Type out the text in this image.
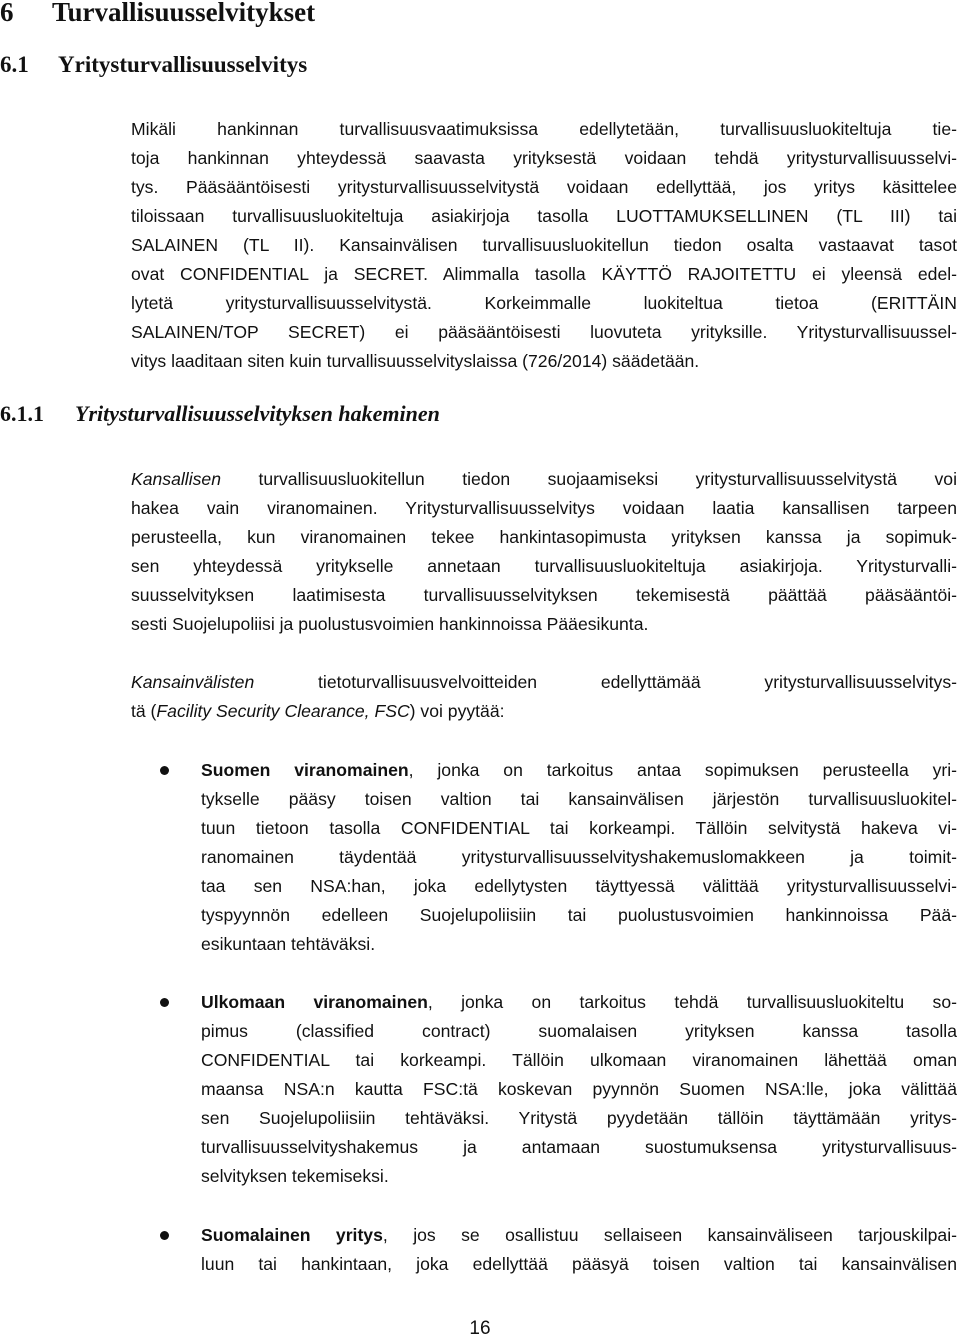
6 Turvallisuusselvitykset
6.1 Yritysturvallisuusselvitys
Mikäli hankinnan turvallisuusvaatimuksissa edellytetään, turvallisuusluokiteltuja tie-
toja hankinnan yhteydessä saavasta yrityksestä voidaan tehdä yritysturvallisuusselvi-
tys. Pääsääntöisesti yritysturvallisuusselvitystä voidaan edellyttää, jos yritys käsittelee
tiloissaan turvallisuusluokiteltuja asiakirjoja tasolla LUOTTAMUKSELLINEN (TL III) tai
SALAINEN (TL II). Kansainvälisen turvallisuusluokitellun tiedon osalta vastaavat tasot
ovat CONFIDENTIAL ja SECRET. Alimmalla tasolla KÄYTTÖ RAJOITETTU ei yleensä edel-
lytetä yritysturvallisuusselvitystä. Korkeimmalle luokiteltua tietoa (ERITTÄIN
SALAINEN/TOP SECRET) ei pääsääntöisesti luovuteta yrityksille. Yritysturvallisuussel-
vitys laaditaan siten kuin turvallisuusselvityslaissa (726/2014) säädetään.
6.1.1 Yritysturvallisuusselvityksen hakeminen
Kansallisen turvallisuusluokitellun tiedon suojaamiseksi yritysturvallisuusselvitystä voi
hakea vain viranomainen. Yritysturvallisuusselvitys voidaan laatia kansallisen tarpeen
perusteella, kun viranomainen tekee hankintasopimusta yrityksen kanssa ja sopimuk-
sen yhteydessä yritykselle annetaan turvallisuusluokiteltuja asiakirjoja. Yritysturvalli-
suusselvityksen laatimisesta turvallisuusselvityksen tekemisestä päättää pääsääntöi-
sesti Suojelupoliisi ja puolustusvoimien hankinnoissa Pääesikunta.
Kansainvälisten tietoturvallisuusvelvoitteiden edellyttämää yritysturvallisuusselvitys-
tä (Facility Security Clearance, FSC) voi pyytää:
Suomen viranomainen, jonka on tarkoitus antaa sopimuksen perusteella yri-
tykselle pääsy toisen valtion tai kansainvälisen järjestön turvallisuusluokitel-
tuun tietoon tasolla CONFIDENTIAL tai korkeampi. Tällöin selvitystä hakeva vi-
ranomainen täydentää yritysturvallisuusselvityshakemuslomakkeen ja toimit-
taa sen NSA:han, joka edellytysten täyttyessä välittää yritysturvallisuusselvi-
tyspyynnön edelleen Suojelupoliisiin tai puolustusvoimien hankinnoissa Pää-
esikuntaan tehtäväksi.
Ulkomaan viranomainen, jonka on tarkoitus tehdä turvallisuusluokiteltu so-
pimus (classified contract) suomalaisen yrityksen kanssa tasolla
CONFIDENTIAL tai korkeampi. Tällöin ulkomaan viranomainen lähettää oman
maansa NSA:n kautta FSC:tä koskevan pyynnön Suomen NSA:lle, joka välittää
sen Suojelupoliisiin tehtäväksi. Yritystä pyydetään tällöin täyttämään yritys-
turvallisuusselvityshakemus ja antamaan suostumuksensa yritysturvallisuus-
selvityksen tekemiseksi.
Suomalainen yritys, jos se osallistuu sellaiseen kansainväliseen tarjouskilpai-
luun tai hankintaan, joka edellyttää pääsyä toisen valtion tai kansainvälisen

16
